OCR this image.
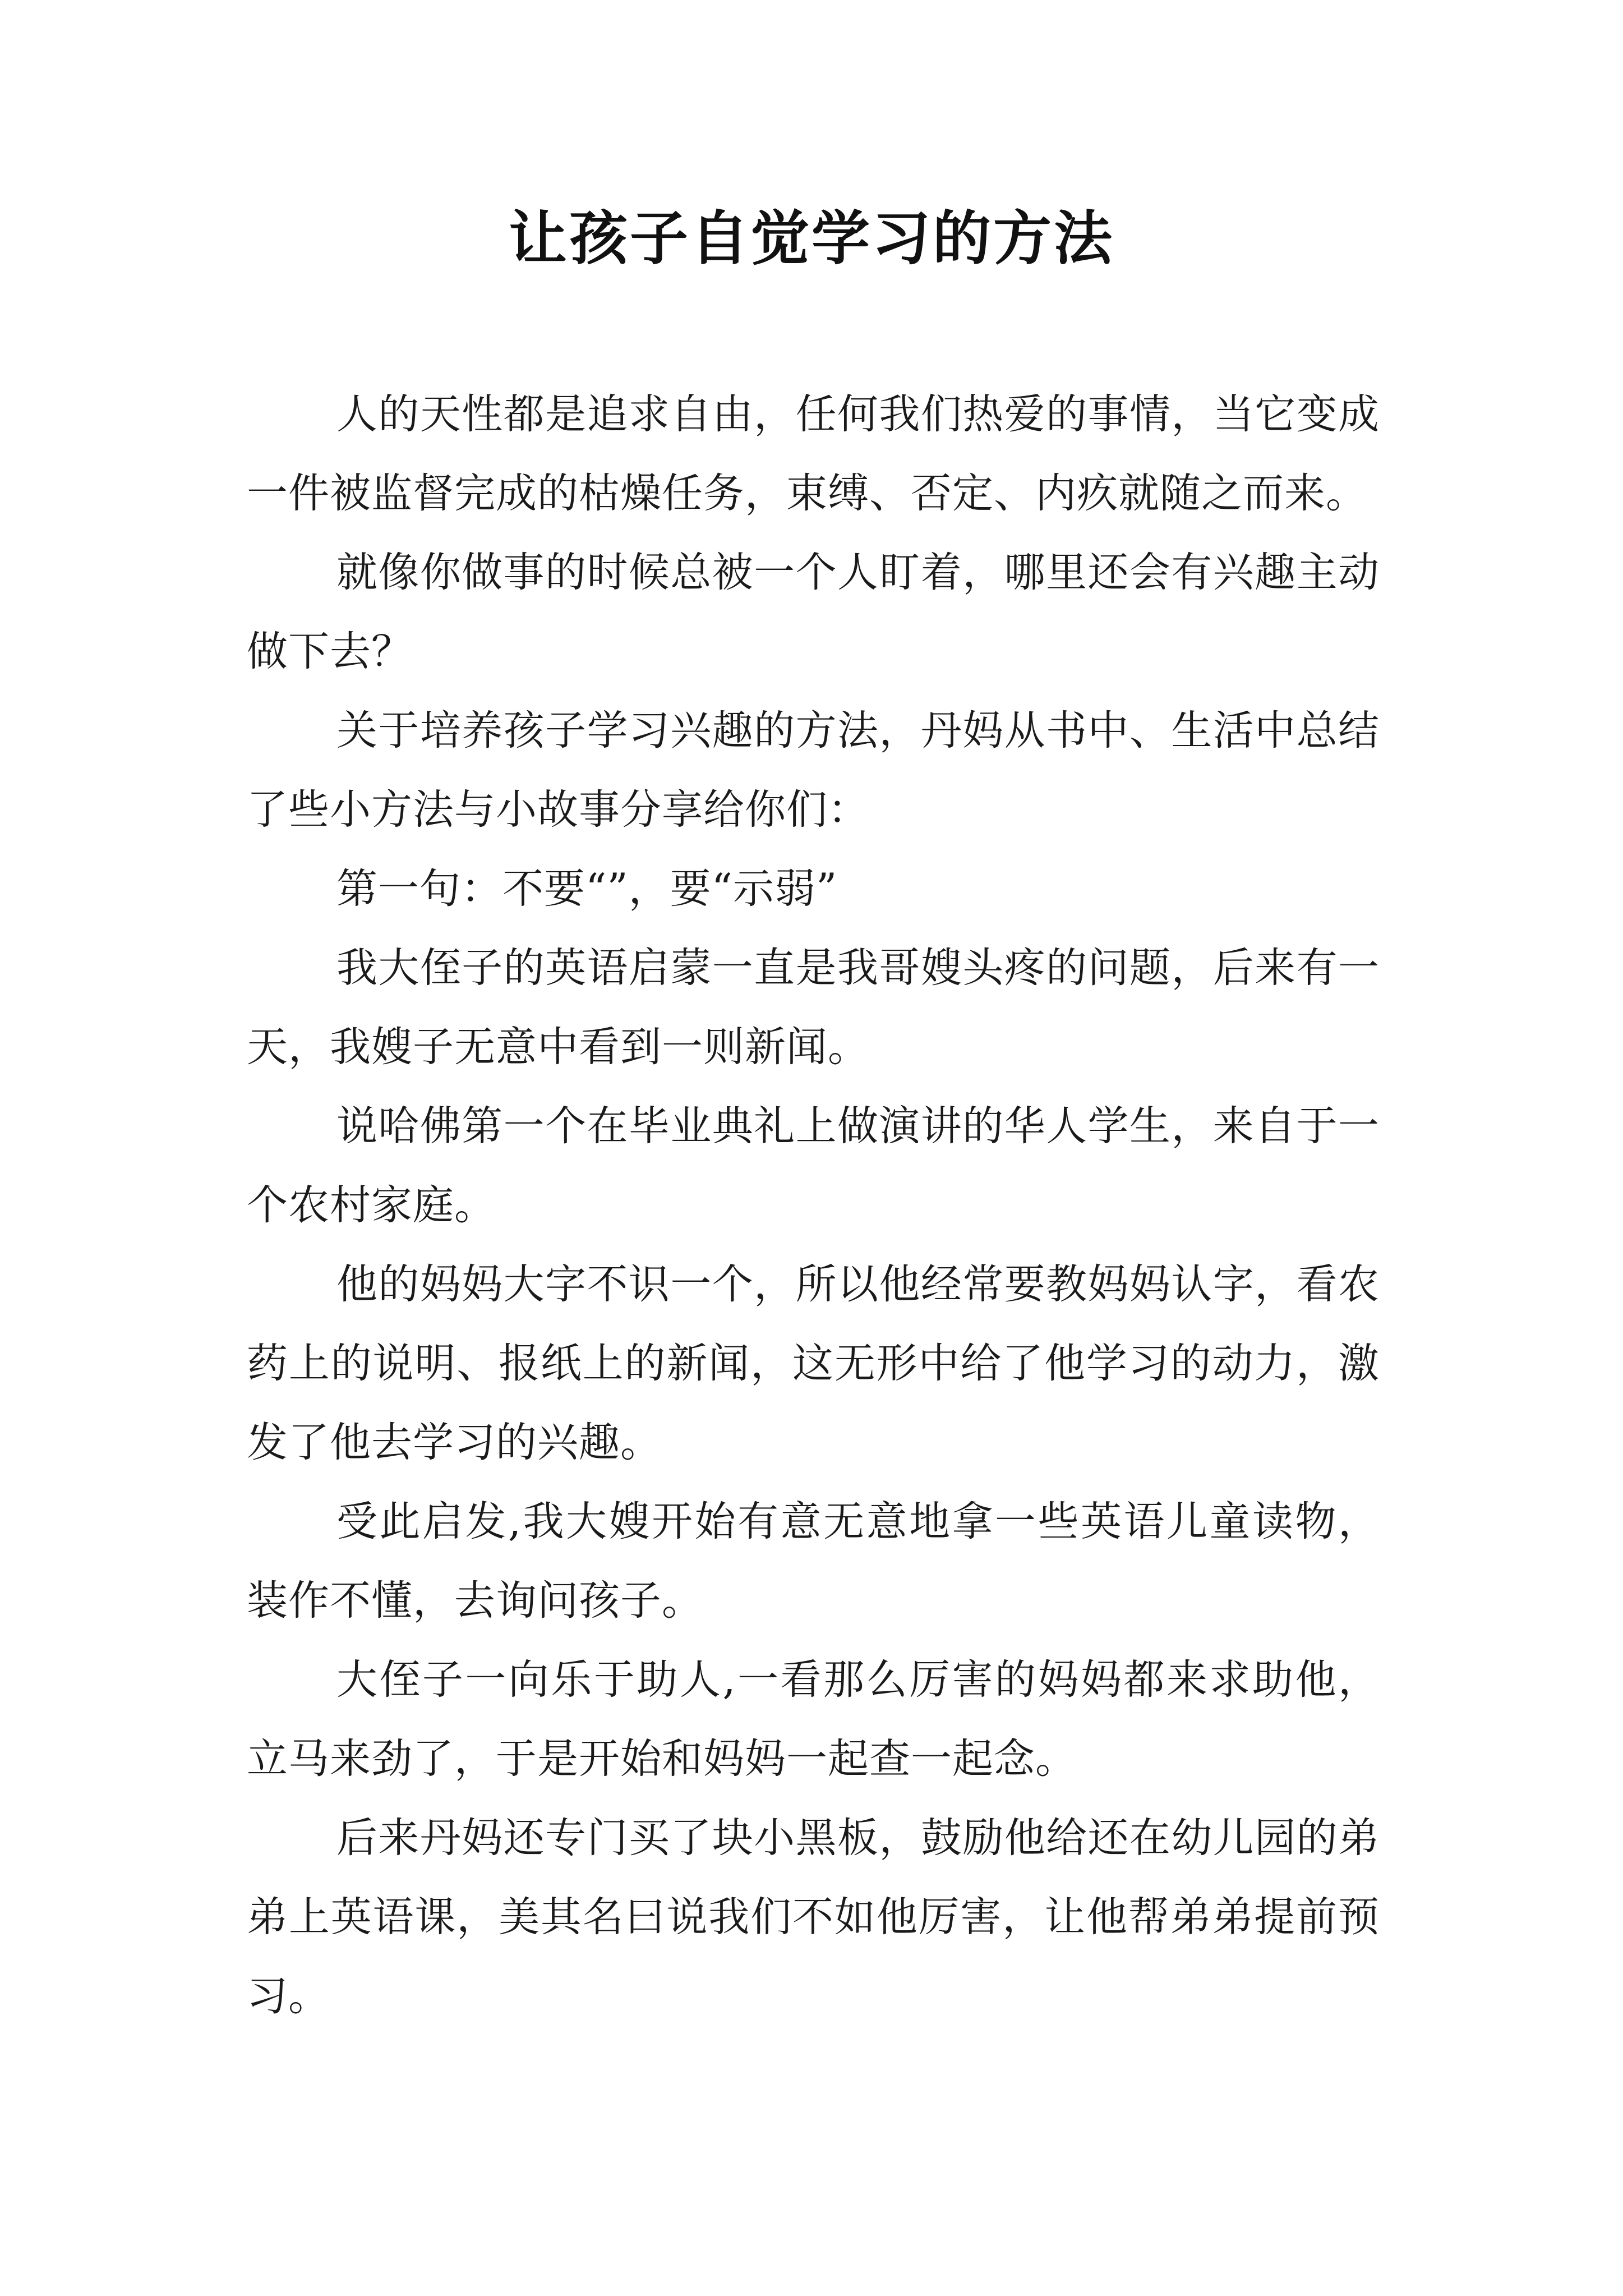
让孩子自觉学习的方法

人的天性都是追求自由，任何我们热爱的事情，当它变成一件被监督完成的枯燥任务，束缚、否定、内疚就随之而来。

就像你做事的时候总被一个人盯着，哪里还会有兴趣主动做下去？

关于培养孩子学习兴趣的方法，丹妈从书中、生活中总结了些小方法与小故事分享给你们：

第一句：不要“”，要“示弱”

我大侄子的英语启蒙一直是我哥嫂头疼的问题，后来有一天，我嫂子无意中看到一则新闻。

说哈佛第一个在毕业典礼上做演讲的华人学生，来自于一个农村家庭。

他的妈妈大字不识一个，所以他经常要教妈妈认字，看农药上的说明、报纸上的新闻，这无形中给了他学习的动力，激发了他去学习的兴趣。

受此启发,我大嫂开始有意无意地拿一些英语儿童读物，装作不懂，去询问孩子。

大侄子一向乐于助人,一看那么厉害的妈妈都来求助他，立马来劲了，于是开始和妈妈一起查一起念。

后来丹妈还专门买了块小黑板，鼓励他给还在幼儿园的弟弟上英语课，美其名曰说我们不如他厉害，让他帮弟弟提前预习。
